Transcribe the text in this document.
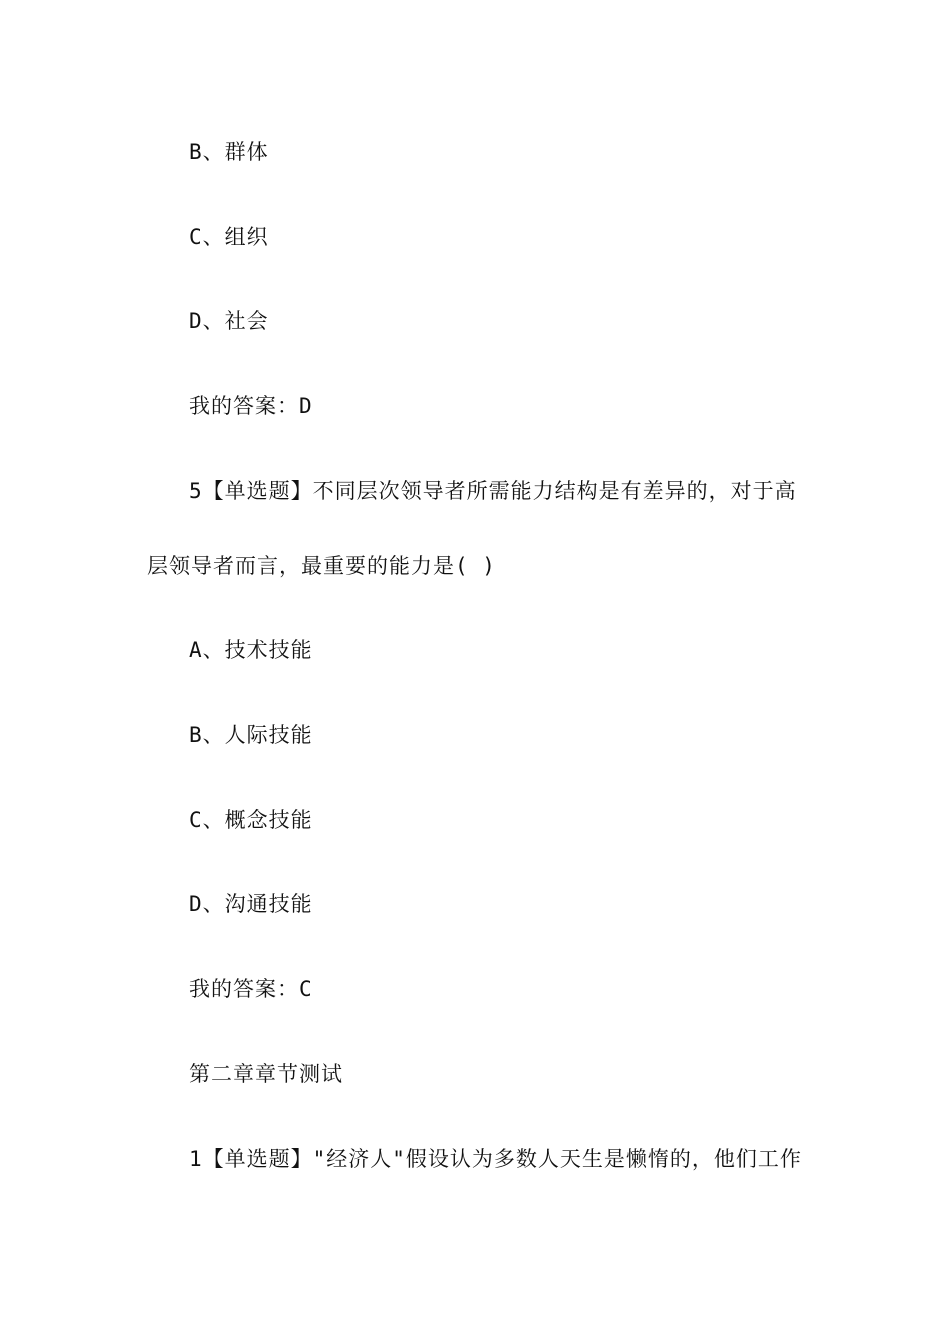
B、群体
C、组织
D、社会
我的答案：D
5【单选题】不同层次领导者所需能力结构是有差异的，对于高
层领导者而言，最重要的能力是( )
A、技术技能
B、人际技能
C、概念技能
D、沟通技能
我的答案：C
第二章章节测试
1【单选题】"经济人"假设认为多数人天生是懒惰的，他们工作
